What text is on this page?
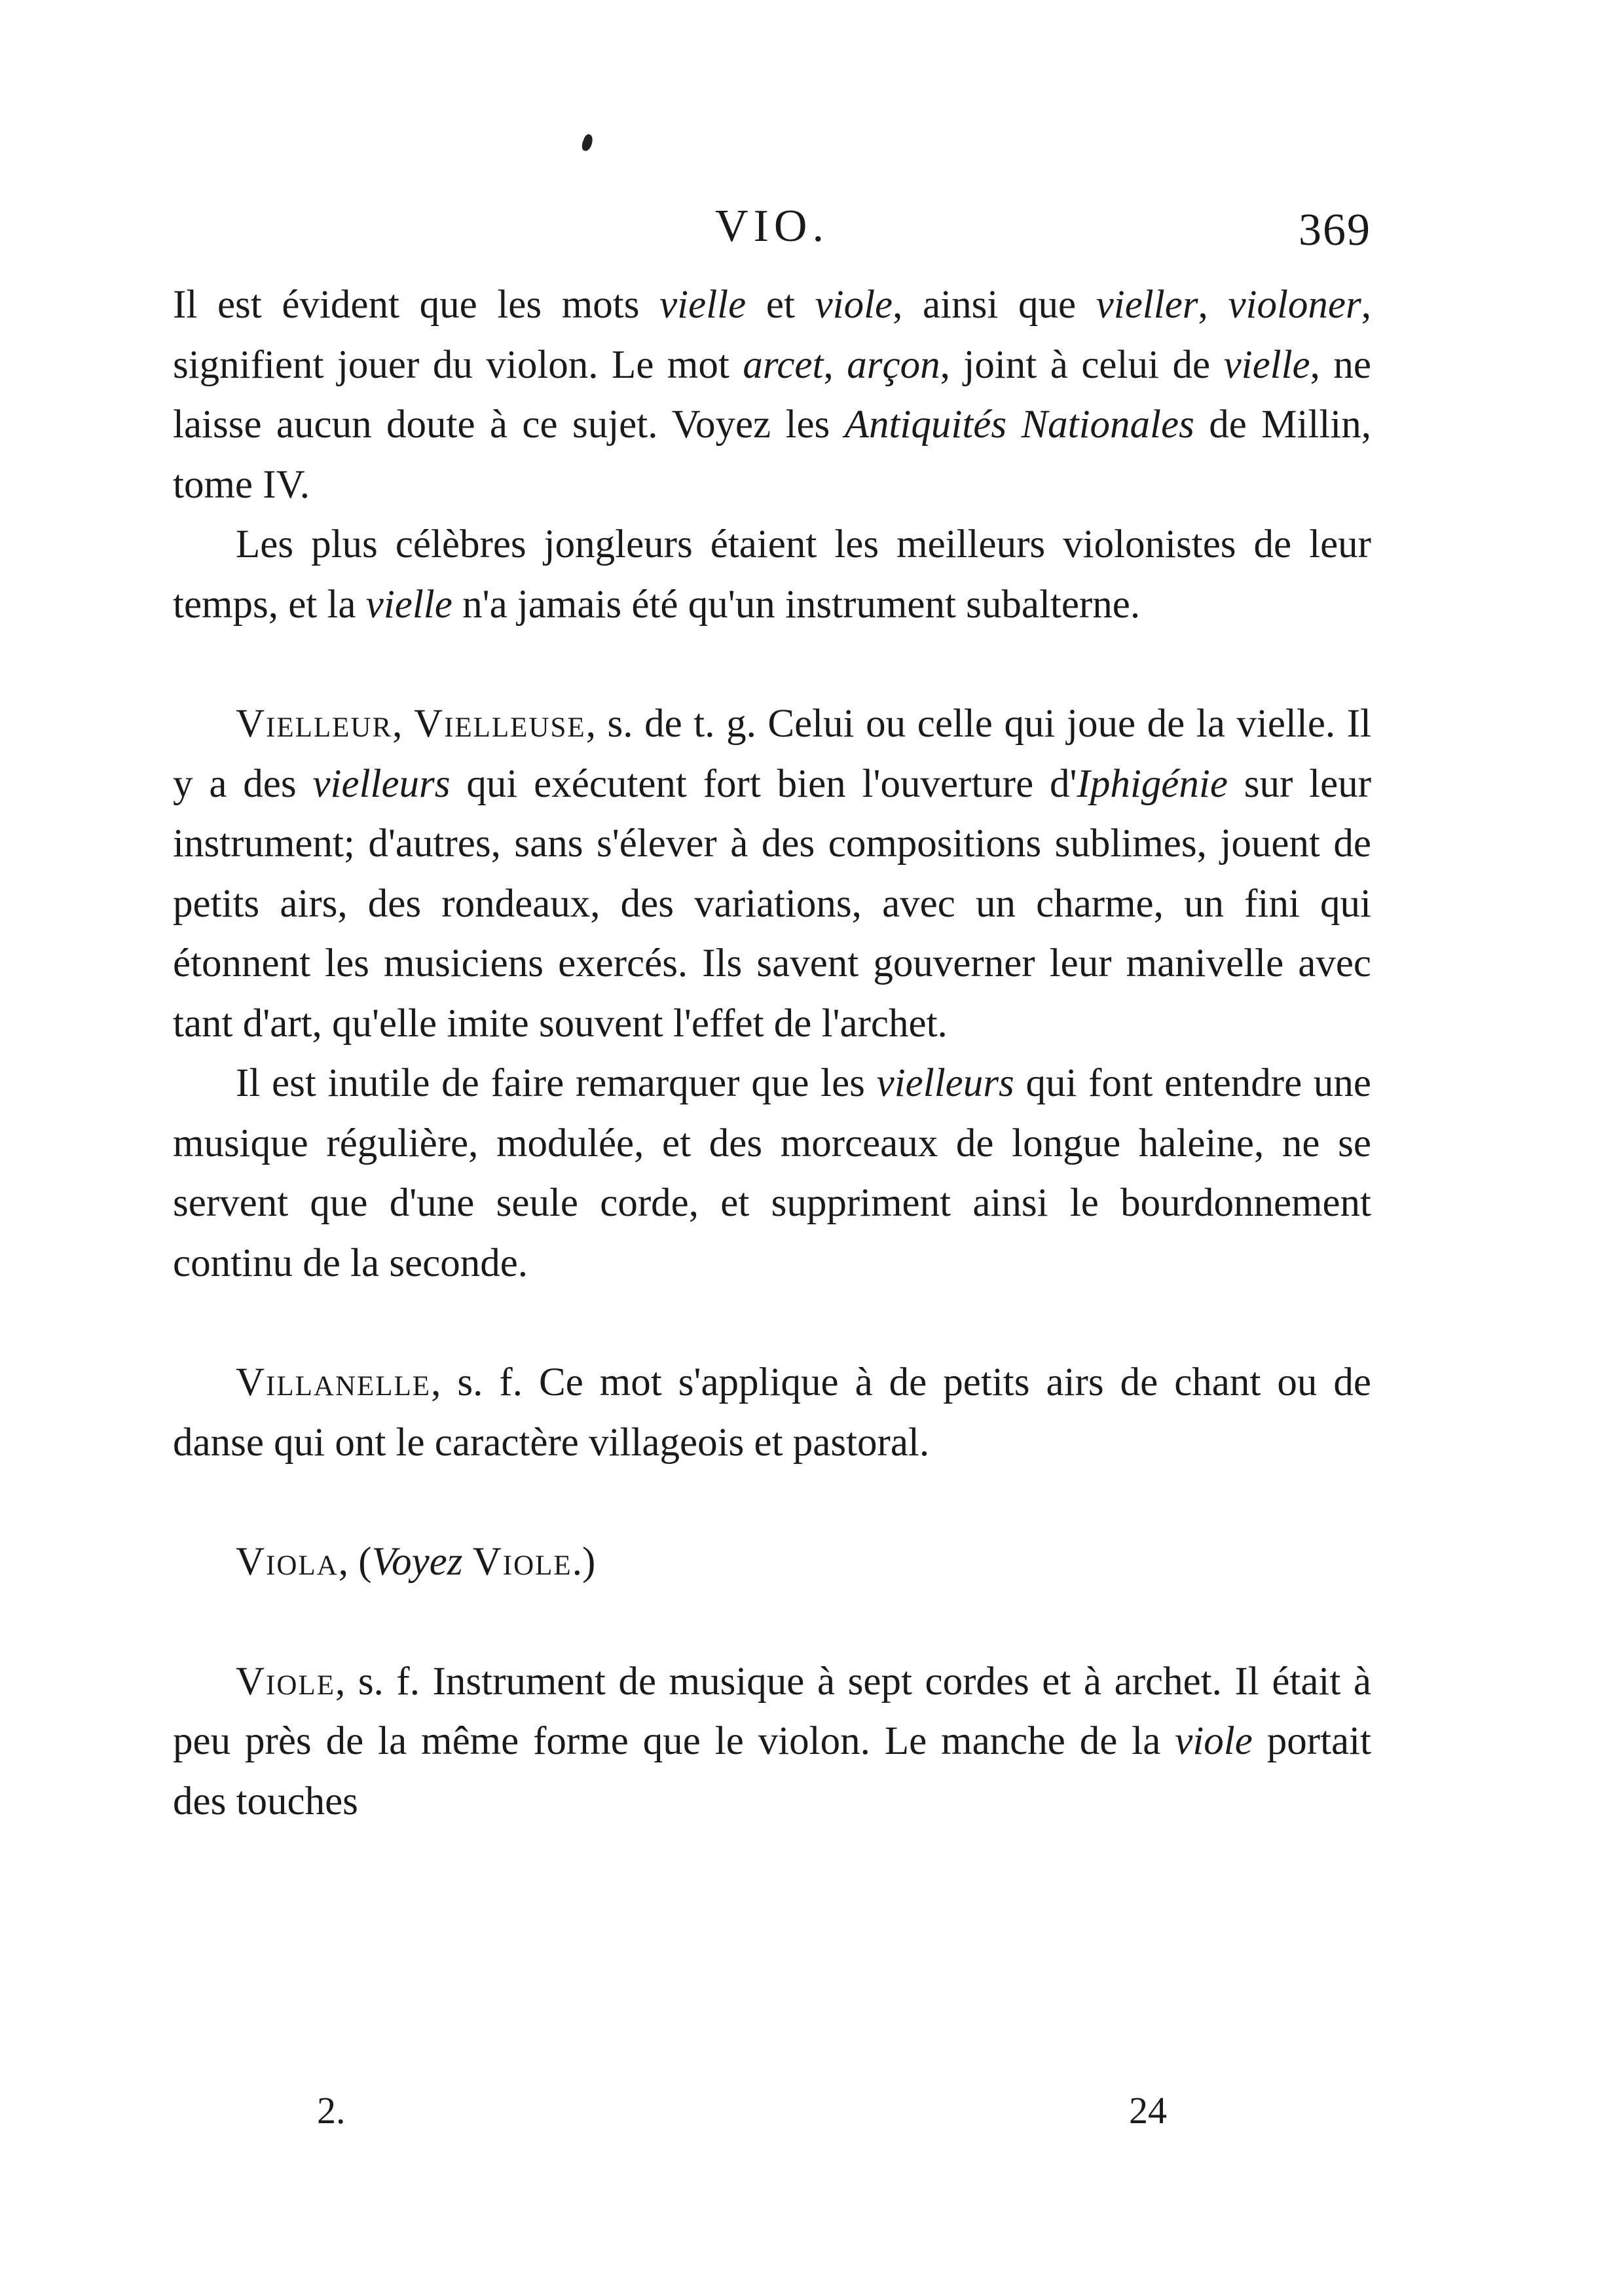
VIO.	369

Il est évident que les mots vielle et viole, ainsi que vieller, violoner, signifient jouer du violon. Le mot arcet, arçon, joint à celui de vielle, ne laisse aucun doute à ce sujet. Voyez les Antiquités Nationales de Millin, tome IV.

Les plus célèbres jongleurs étaient les meilleurs violonistes de leur temps, et la vielle n'a jamais été qu'un instrument subalterne.

Vielleur, Vielleuse, s. de t. g. Celui ou celle qui joue de la vielle. Il y a des vielleurs qui exécutent fort bien l'ouverture d'Iphigénie sur leur instrument; d'autres, sans s'élever à des compositions sublimes, jouent de petits airs, des rondeaux, des variations, avec un charme, un fini qui étonnent les musiciens exercés. Ils savent gouverner leur manivelle avec tant d'art, qu'elle imite souvent l'effet de l'archet.

Il est inutile de faire remarquer que les vielleurs qui font entendre une musique régulière, modulée, et des morceaux de longue haleine, ne se servent que d'une seule corde, et suppriment ainsi le bourdonnement continu de la seconde.

Villanelle, s. f. Ce mot s'applique à de petits airs de chant ou de danse qui ont le caractère villageois et pastoral.

Viola, (Voyez Viole.)

Viole, s. f. Instrument de musique à sept cordes et à archet. Il était à peu près de la même forme que le violon. Le manche de la viole portait des touches

2.	24
